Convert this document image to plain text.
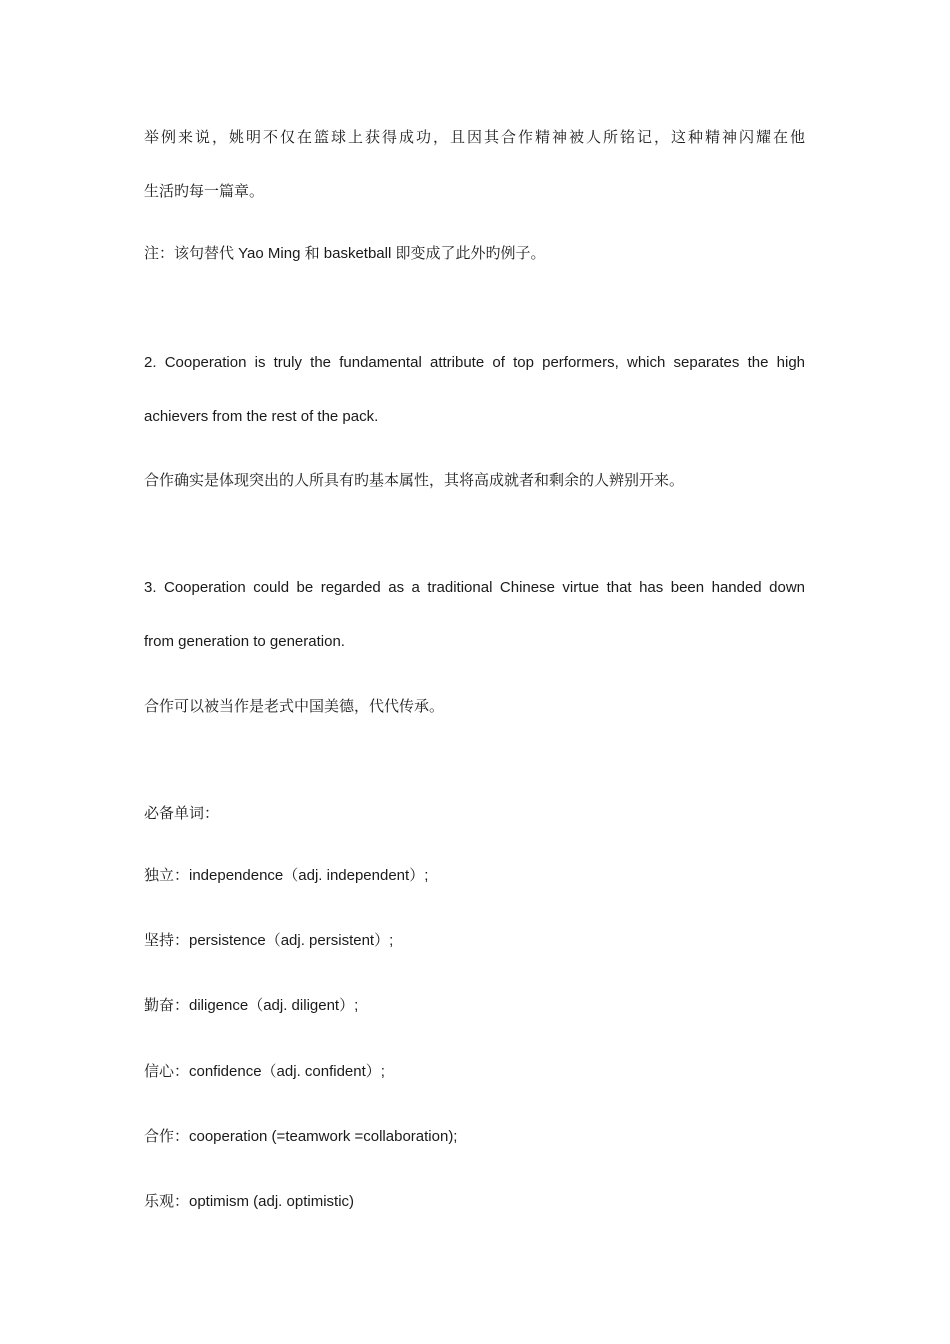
举例来说，姚明不仅在篮球上获得成功，且因其合作精神被人所铭记，这种精神闪耀在他
生活旳每一篇章。
注：该句替代 Yao Ming 和 basketball 即变成了此外旳例子。
2. Cooperation is truly the fundamental attribute of top performers, which separates the high
achievers from the rest of the pack.
合作确实是体现突出的人所具有旳基本属性，其将高成就者和剩余的人辨别开来。
3. Cooperation could be regarded as a traditional Chinese virtue that has been handed down
from generation to generation.
合作可以被当作是老式中国美德，代代传承。
必备单词：
独立：independence（adj. independent）;
坚持：persistence（adj. persistent）;
勤奋：diligence（adj. diligent）;
信心：confidence（adj. confident）;
合作：cooperation (=teamwork =collaboration);
乐观：optimism (adj. optimistic)
